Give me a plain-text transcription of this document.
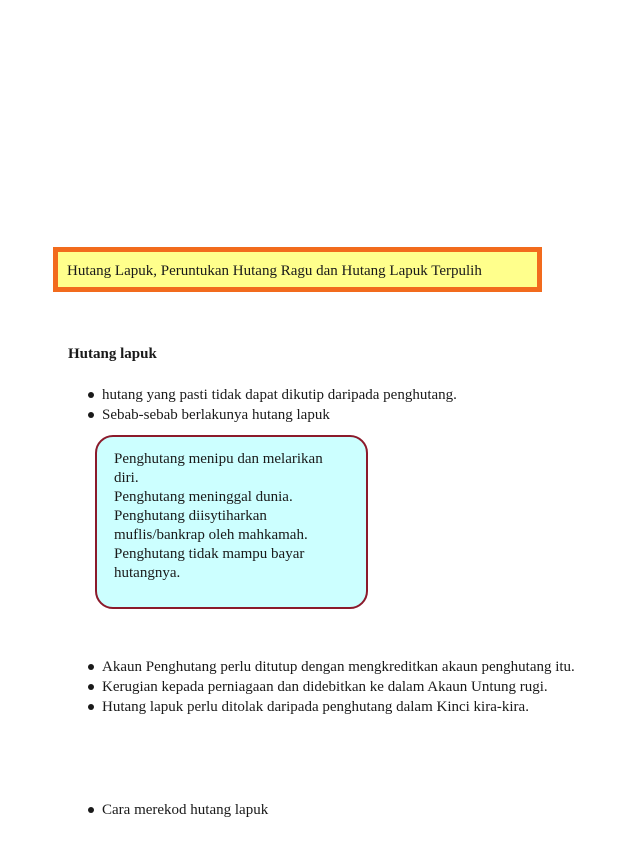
Hutang Lapuk, Peruntukan Hutang Ragu dan Hutang Lapuk Terpulih
Hutang lapuk
hutang yang pasti tidak dapat dikutip daripada penghutang.
Sebab-sebab berlakunya hutang lapuk
Penghutang menipu dan melarikan
diri.
Penghutang meninggal dunia.
Penghutang diisytiharkan
muflis/bankrap oleh mahkamah.
Penghutang tidak mampu bayar
hutangnya.
Akaun Penghutang perlu ditutup dengan mengkreditkan akaun penghutang itu.
Kerugian kepada perniagaan dan didebitkan ke dalam Akaun Untung rugi.
Hutang lapuk perlu ditolak daripada penghutang dalam Kinci kira-kira.
Cara merekod hutang lapuk
